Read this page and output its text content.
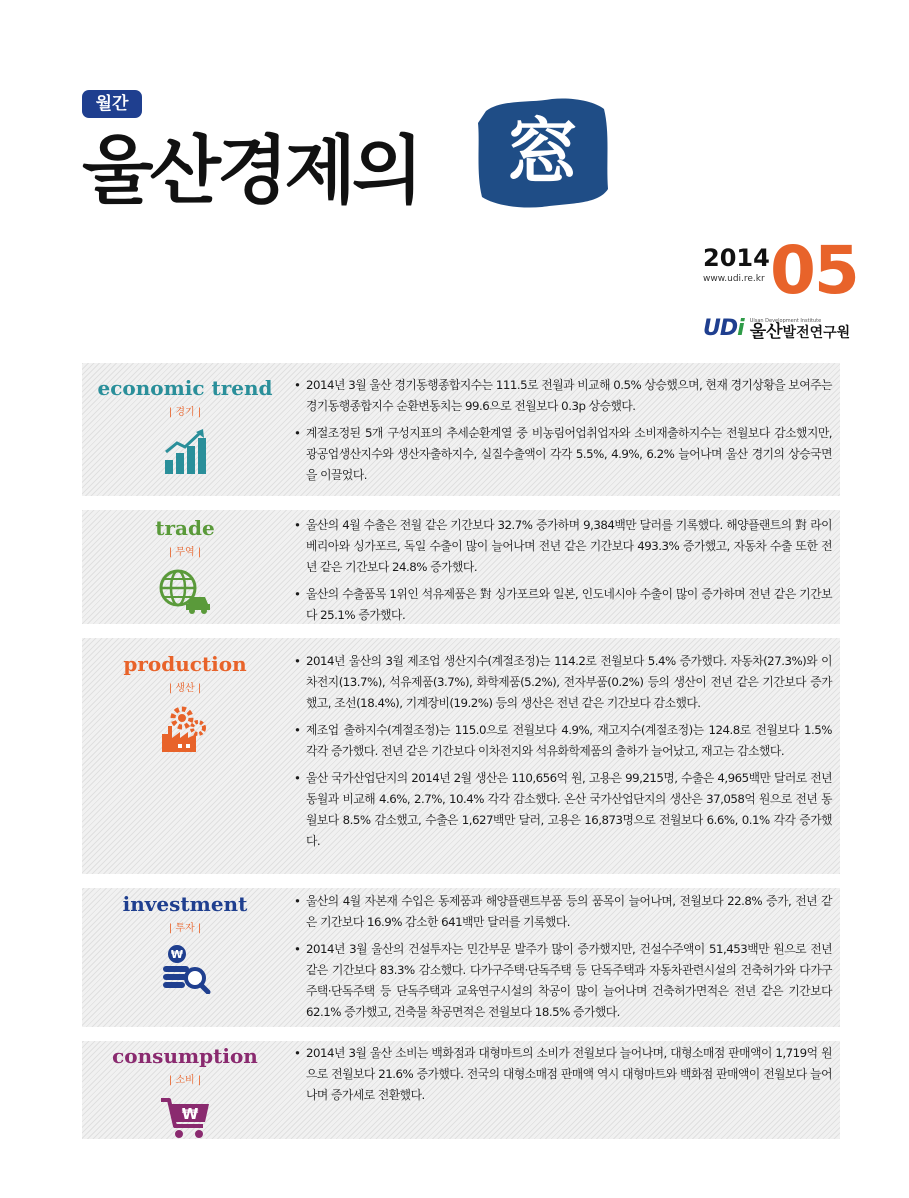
월간
울산경제의 窓
2014
www.udi.re.kr 05
UDi Ulsan Development Institute
울산발전연구원
economic trend
| 경기 |
• 2014년 3월 울산 경기동행종합지수는 111.5로 전월과 비교해 0.5% 상승했으며, 현재 경기상황을 보여주는 경기동행종합지수 순환변동치는 99.6으로 전월보다 0.3p 상승했다.
• 계절조정된 5개 구성지표의 추세순환계열 중 비농림어업취업자와 소비재출하지수는 전월보다 감소했지만, 광공업생산지수와 생산자출하지수, 실질수출액이 각각 5.5%, 4.9%, 6.2% 늘어나며 울산 경기의 상승국면을 이끌었다.
trade
| 무역 |
• 울산의 4월 수출은 전월 같은 기간보다 32.7% 증가하며 9,384백만 달러를 기록했다. 해양플랜트의 對 라이베리아와 싱가포르, 독일 수출이 많이 늘어나며 전년 같은 기간보다 493.3% 증가했고, 자동차 수출 또한 전년 같은 기간보다 24.8% 증가했다.
• 울산의 수출품목 1위인 석유제품은 對 싱가포르와 일본, 인도네시아 수출이 많이 증가하며 전년 같은 기간보다 25.1% 증가했다.
production
| 생산 |
• 2014년 울산의 3월 제조업 생산지수(계절조정)는 114.2로 전월보다 5.4% 증가했다. 자동차(27.3%)와 이차전지(13.7%), 석유제품(3.7%), 화학제품(5.2%), 전자부품(0.2%) 등의 생산이 전년 같은 기간보다 증가했고, 조선(18.4%), 기계장비(19.2%) 등의 생산은 전년 같은 기간보다 감소했다.
• 제조업 출하지수(계절조정)는 115.0으로 전월보다 4.9%, 재고지수(계절조정)는 124.8로 전월보다 1.5% 각각 증가했다. 전년 같은 기간보다 이차전지와 석유화학제품의 출하가 늘어났고, 재고는 감소했다.
• 울산 국가산업단지의 2014년 2월 생산은 110,656억 원, 고용은 99,215명, 수출은 4,965백만 달러로 전년 동월과 비교해 4.6%, 2.7%, 10.4% 각각 감소했다. 온산 국가산업단지의 생산은 37,058억 원으로 전년 동월보다 8.5% 감소했고, 수출은 1,627백만 달러, 고용은 16,873명으로 전월보다 6.6%, 0.1% 각각 증가했다.
investment
| 투자 |
₩
• 울산의 4월 자본재 수입은 동제품과 해양플랜트부품 등의 품목이 늘어나며, 전월보다 22.8% 증가, 전년 같은 기간보다 16.9% 감소한 641백만 달러를 기록했다.
• 2014년 3월 울산의 건설투자는 민간부문 발주가 많이 증가했지만, 건설수주액이 51,453백만 원으로 전년 같은 기간보다 83.3% 감소했다. 다가구주택·단독주택 등 단독주택과 자동차관련시설의 건축허가와 다가구주택·단독주택 등 단독주택과 교육연구시설의 착공이 많이 늘어나며 건축허가면적은 전년 같은 기간보다 62.1% 증가했고, 건축물 착공면적은 전월보다 18.5% 증가했다.
consumption
| 소비 |
₩
• 2014년 3월 울산 소비는 백화점과 대형마트의 소비가 전월보다 늘어나며, 대형소매점 판매액이 1,719억 원으로 전월보다 21.6% 증가했다. 전국의 대형소매점 판매액 역시 대형마트와 백화점 판매액이 전월보다 늘어나며 증가세로 전환했다.
